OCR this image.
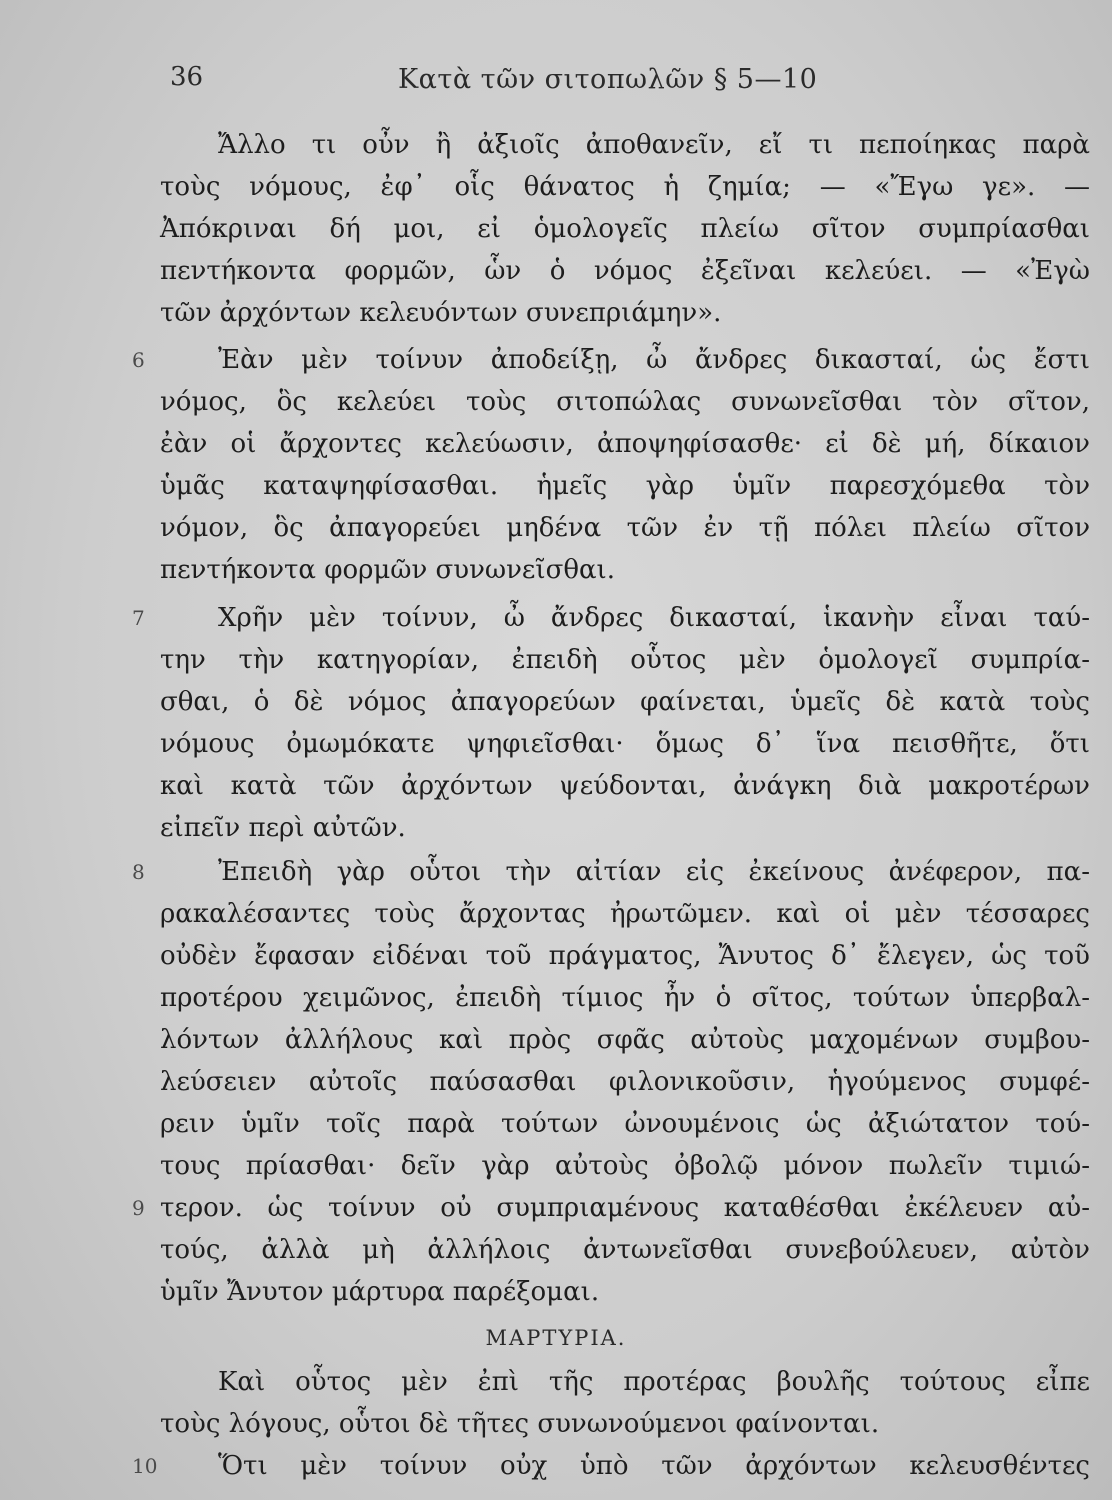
36	Κατὰ τῶν σιτοπωλῶν § 5—10
Ἄλλο τι οὖν ἢ ἀξιοῖς ἀποθανεῖν, εἴ τι πεποίηκας παρὰ
τοὺς νόμους, ἐφ᾽ οἷς θάνατος ἡ ζημία; — «Ἔγω γε». —
Ἀπόκριναι δή μοι, εἰ ὁμολογεῖς πλείω σῖτον συμπρίασθαι
πεντήκοντα φορμῶν, ὧν ὁ νόμος ἐξεῖναι κελεύει. — «Ἐγὼ
τῶν ἀρχόντων κελευόντων συνεπριάμην».
6	Ἐὰν μὲν τοίνυν ἀποδείξῃ, ὦ ἄνδρες δικασταί, ὡς ἔστι
νόμος, ὃς κελεύει τοὺς σιτοπώλας συνωνεῖσθαι τὸν σῖτον,
ἐὰν οἱ ἄρχοντες κελεύωσιν, ἀποψηφίσασθε· εἰ δὲ μή, δίκαιον
ὑμᾶς καταψηφίσασθαι. ἡμεῖς γὰρ ὑμῖν παρεσχόμεθα τὸν
νόμον, ὃς ἀπαγορεύει μηδένα τῶν ἐν τῇ πόλει πλείω σῖτον
πεντήκοντα φορμῶν συνωνεῖσθαι.
7	Χρῆν μὲν τοίνυν, ὦ ἄνδρες δικασταί, ἱκανὴν εἶναι ταύ-
την τὴν κατηγορίαν, ἐπειδὴ οὗτος μὲν ὁμολογεῖ συμπρία-
σθαι, ὁ δὲ νόμος ἀπαγορεύων φαίνεται, ὑμεῖς δὲ κατὰ τοὺς
νόμους ὀμωμόκατε ψηφιεῖσθαι· ὅμως δ᾽ ἵνα πεισθῆτε, ὅτι
καὶ κατὰ τῶν ἀρχόντων ψεύδονται, ἀνάγκη διὰ μακροτέρων
εἰπεῖν περὶ αὐτῶν.
8	Ἐπειδὴ γὰρ οὗτοι τὴν αἰτίαν εἰς ἐκείνους ἀνέφερον, πα-
ρακαλέσαντες τοὺς ἄρχοντας ἠρωτῶμεν. καὶ οἱ μὲν τέσσαρες
οὐδὲν ἔφασαν εἰδέναι τοῦ πράγματος, Ἄνυτος δ᾽ ἔλεγεν, ὡς τοῦ
προτέρου χειμῶνος, ἐπειδὴ τίμιος ἦν ὁ σῖτος, τούτων ὑπερβαλ-
λόντων ἀλλήλους καὶ πρὸς σφᾶς αὐτοὺς μαχομένων συμβου-
λεύσειεν αὐτοῖς παύσασθαι φιλονικοῦσιν, ἡγούμενος συμφέ-
ρειν ὑμῖν τοῖς παρὰ τούτων ὠνουμένοις ὡς ἀξιώτατον τού-
τους πρίασθαι· δεῖν γὰρ αὐτοὺς ὀβολῷ μόνον πωλεῖν τιμιώ-
9 τερον. ὡς τοίνυν οὐ συμπριαμένους καταθέσθαι ἐκέλευεν αὐ-
τούς, ἀλλὰ μὴ ἀλλήλοις ἀντωνεῖσθαι συνεβούλευεν, αὐτὸν
ὑμῖν Ἄνυτον μάρτυρα παρέξομαι.
ΜΑΡΤΥΡΙΑ.
Καὶ οὗτος μὲν ἐπὶ τῆς προτέρας βουλῆς τούτους εἶπε
τοὺς λόγους, οὗτοι δὲ τῆτες συνωνούμενοι φαίνονται.
10 Ὅτι μὲν τοίνυν οὐχ ὑπὸ τῶν ἀρχόντων κελευσθέντες
